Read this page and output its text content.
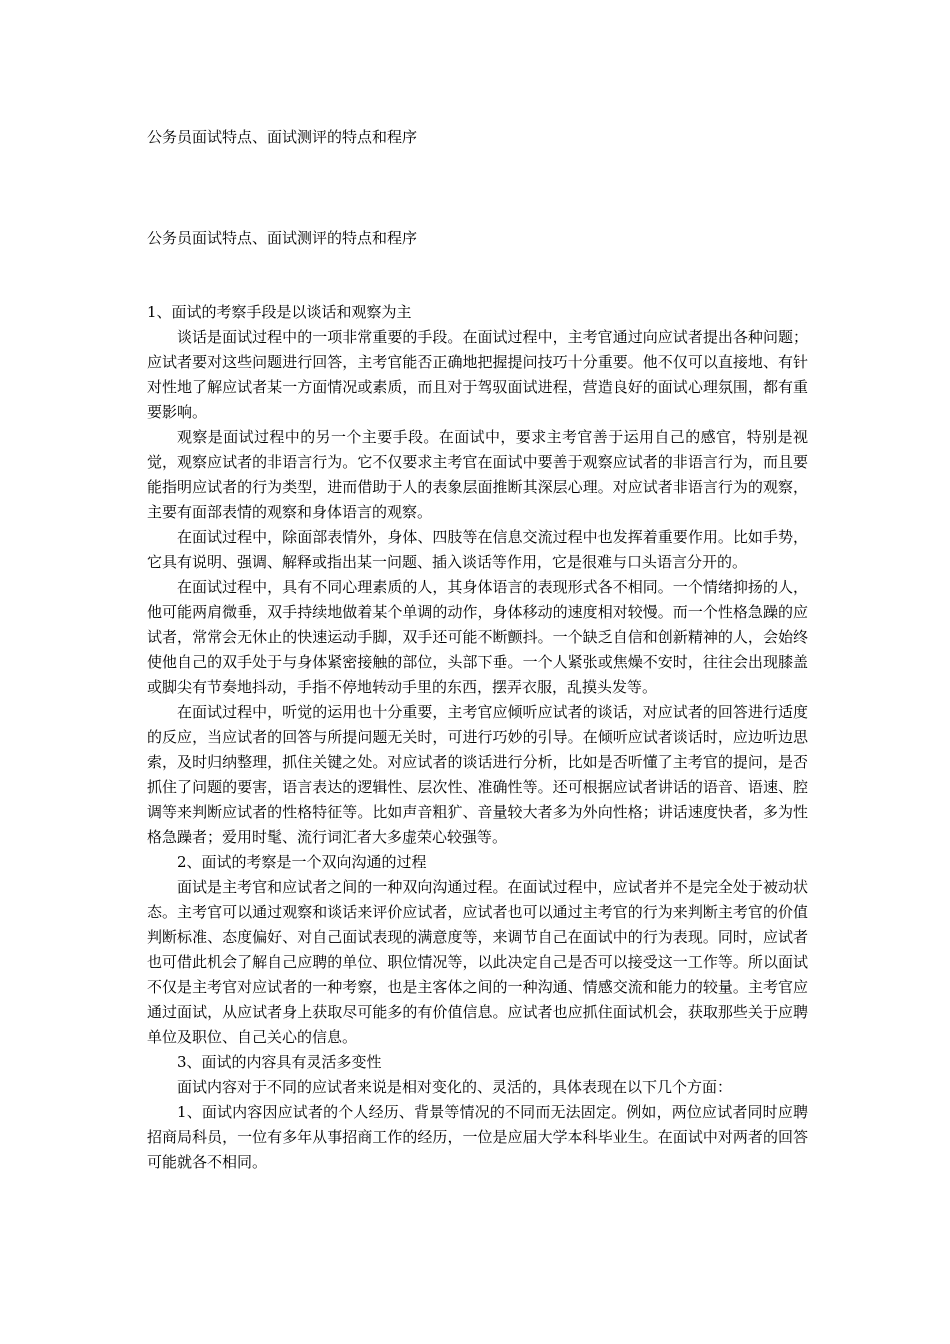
公务员面试特点、面试测评的特点和程序

公务员面试特点、面试测评的特点和程序

1、面试的考察手段是以谈话和观察为主

谈话是面试过程中的一项非常重要的手段。在面试过程中，主考官通过向应试者提出各种问题；应试者要对这些问题进行回答，主考官能否正确地把握提问技巧十分重要。他不仅可以直接地、有针对性地了解应试者某一方面情况或素质，而且对于驾驭面试进程，营造良好的面试心理氛围，都有重要影响。

观察是面试过程中的另一个主要手段。在面试中，要求主考官善于运用自己的感官，特别是视觉，观察应试者的非语言行为。它不仅要求主考官在面试中要善于观察应试者的非语言行为，而且要能指明应试者的行为类型，进而借助于人的表象层面推断其深层心理。对应试者非语言行为的观察，主要有面部表情的观察和身体语言的观察。

在面试过程中，除面部表情外，身体、四肢等在信息交流过程中也发挥着重要作用。比如手势，它具有说明、强调、解释或指出某一问题、插入谈话等作用，它是很难与口头语言分开的。

在面试过程中，具有不同心理素质的人，其身体语言的表现形式各不相同。一个情绪抑扬的人，他可能两肩微垂，双手持续地做着某个单调的动作，身体移动的速度相对较慢。而一个性格急躁的应试者，常常会无休止的快速运动手脚，双手还可能不断颤抖。一个缺乏自信和创新精神的人，会始终使他自己的双手处于与身体紧密接触的部位，头部下垂。一个人紧张或焦燥不安时，往往会出现膝盖或脚尖有节奏地抖动，手指不停地转动手里的东西，摆弄衣服，乱摸头发等。

在面试过程中，听觉的运用也十分重要，主考官应倾听应试者的谈话，对应试者的回答进行适度的反应，当应试者的回答与所提问题无关时，可进行巧妙的引导。在倾听应试者谈话时，应边听边思索，及时归纳整理，抓住关键之处。对应试者的谈话进行分析，比如是否听懂了主考官的提问，是否抓住了问题的要害，语言表达的逻辑性、层次性、准确性等。还可根据应试者讲话的语音、语速、腔调等来判断应试者的性格特征等。比如声音粗犷、音量较大者多为外向性格；讲话速度快者，多为性格急躁者；爱用时髦、流行词汇者大多虚荣心较强等。

2、面试的考察是一个双向沟通的过程

面试是主考官和应试者之间的一种双向沟通过程。在面试过程中，应试者并不是完全处于被动状态。主考官可以通过观察和谈话来评价应试者，应试者也可以通过主考官的行为来判断主考官的价值判断标准、态度偏好、对自己面试表现的满意度等，来调节自己在面试中的行为表现。同时，应试者也可借此机会了解自己应聘的单位、职位情况等，以此决定自己是否可以接受这一工作等。所以面试不仅是主考官对应试者的一种考察，也是主客体之间的一种沟通、情感交流和能力的较量。主考官应通过面试，从应试者身上获取尽可能多的有价值信息。应试者也应抓住面试机会，获取那些关于应聘单位及职位、自己关心的信息。

3、面试的内容具有灵活多变性

面试内容对于不同的应试者来说是相对变化的、灵活的，具体表现在以下几个方面：

1、面试内容因应试者的个人经历、背景等情况的不同而无法固定。例如，两位应试者同时应聘招商局科员，一位有多年从事招商工作的经历，一位是应届大学本科毕业生。在面试中对两者的回答可能就各不相同。
